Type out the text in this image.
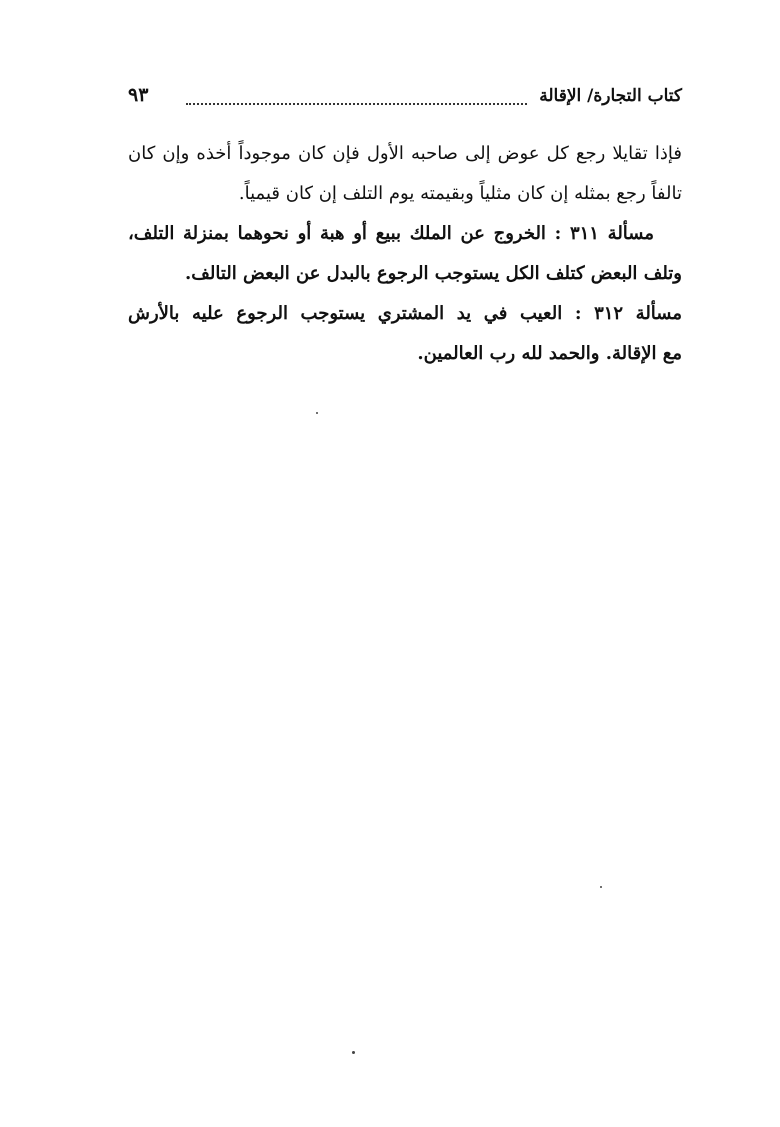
كتاب التجارة/ الإقالة
٩٣
فإذا تقايلا رجع كل عوض إلى صاحبه الأول فإن كان موجوداً أخذه وإن كان
تالفاً رجع بمثله إن كان مثلياً وبقيمته يوم التلف إن كان قيمياً.
مسألة ٣١١ : الخروج عن الملك ببيع أو هبة أو نحوهما بمنزلة التلف،
وتلف البعض كتلف الكل يستوجب الرجوع بالبدل عن البعض التالف.
مسألة ٣١٢ : العيب في يد المشتري يستوجب الرجوع عليه بالأرش
مع الإقالة. والحمد لله رب العالمين.
